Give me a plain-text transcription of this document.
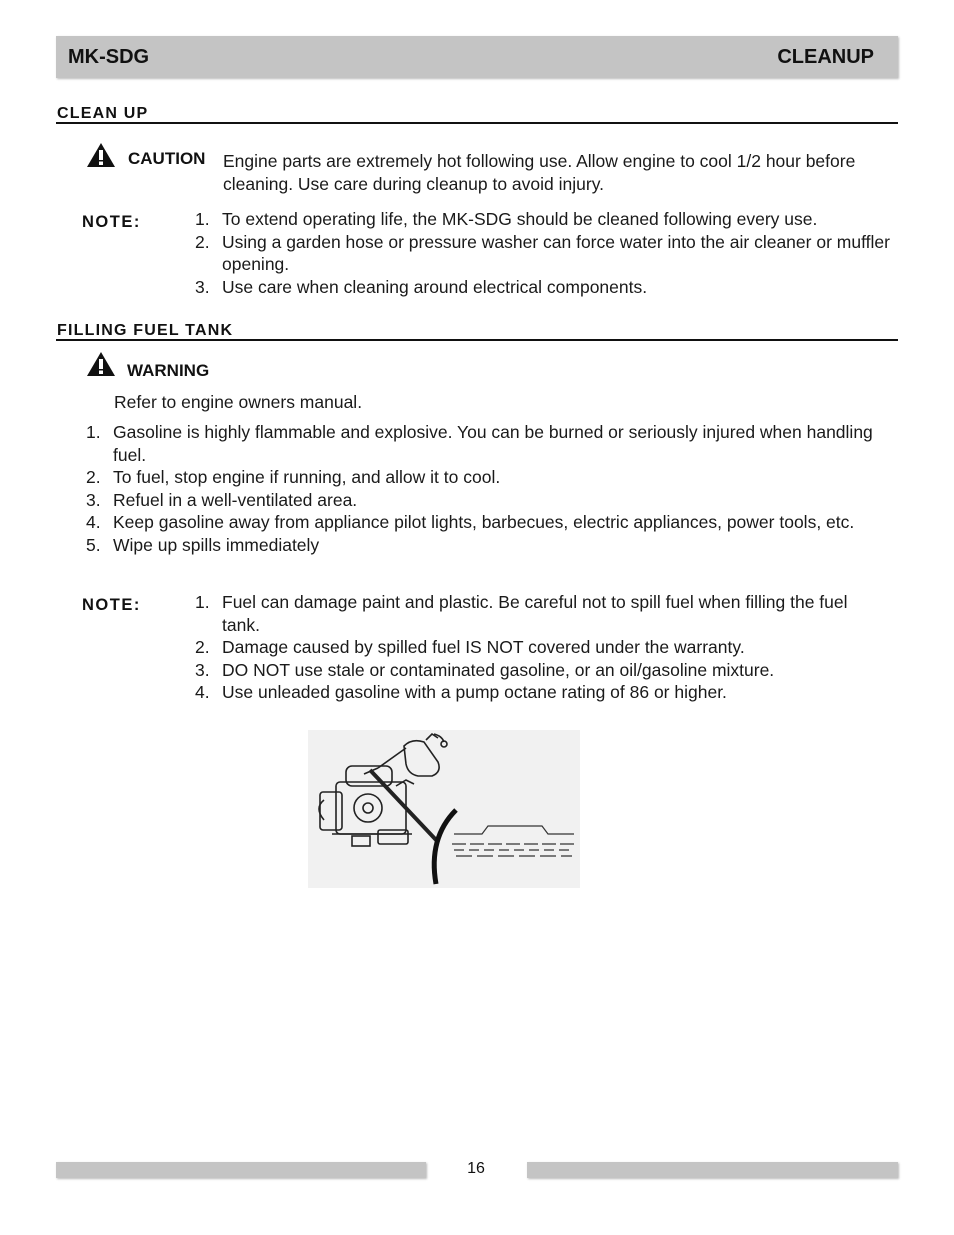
MK-SDG	CLEANUP
CLEAN UP
CAUTION Engine parts are extremely hot following use. Allow engine to cool 1/2 hour before cleaning. Use care during cleanup to avoid injury.
NOTE:	1. To extend operating life, the MK-SDG should be cleaned following every use.
2. Using a garden hose or pressure washer can force water into the air cleaner or muffler opening.
3. Use care when cleaning around electrical components.
FILLING FUEL TANK
WARNING
Refer to engine owners manual.
1. Gasoline is highly flammable and explosive. You can be burned or seriously injured when handling fuel.
2. To fuel, stop engine if running, and allow it to cool.
3. Refuel in a well-ventilated area.
4. Keep gasoline away from appliance pilot lights, barbecues, electric appliances, power tools, etc.
5. Wipe up spills immediately
NOTE:	1. Fuel can damage paint and plastic. Be careful not to spill fuel when filling the fuel tank.
2. Damage caused by spilled fuel IS NOT covered under the warranty.
3. DO NOT use stale or contaminated gasoline, or an oil/gasoline mixture.
4. Use unleaded gasoline with a pump octane rating of 86 or higher.
16
